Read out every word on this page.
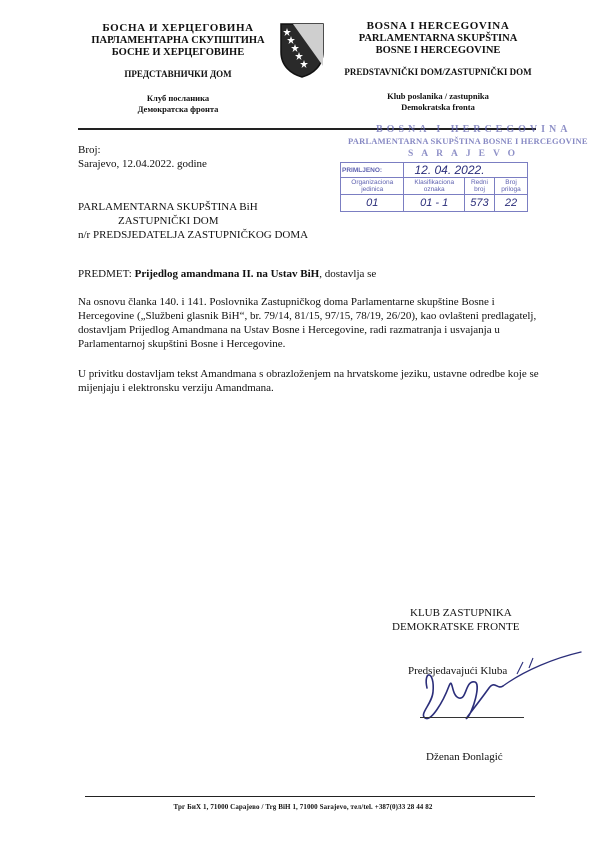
БОСНА И ХЕРЦЕГОВИНА
ПАРЛАМЕНТАРНА СКУПШТИНА
БОСНЕ И ХЕРЦЕГОВИНЕ
ПРЕДСТАВНИЧКИ ДОМ
Клуб посланика
Демократска фронта
BOSNA I HERCEGOVINA
PARLAMENTARNA SKUPŠTINA
BOSNE I HERCEGOVINE
PREDSTAVNIČKI DOM/ZASTUPNIČKI DOM
Klub poslanika / zastupnika
Demokratska fronta
Broj:
Sarajevo, 12.04.2022. godine
BOSNA I HERCEGOVINA
PARLAMENTARNA SKUPŠTINA BOSNE I HERCEGOVINE
SARAJEVO
PRIMLJENO:	12. 04. 2022.		
Organizaciona jedinica	Klasifikaciona oznaka	Redni broj	Broj priloga
01	01 - 1	573	22
PARLAMENTARNA SKUPŠTINA BiH
ZASTUPNIČKI DOM
n/r PREDSJEDATELJA ZASTUPNIČKOG DOMA
PREDMET: Prijedlog amandmana II. na Ustav BiH, dostavlja se
Na osnovu članka 140. i 141. Poslovnika Zastupničkog doma Parlamentarne skupštine Bosne i Hercegovine („Službeni glasnik BiH“, br. 79/14, 81/15, 97/15, 78/19, 26/20), kao ovlašteni predlagatelj, dostavljam Prijedlog Amandmana na Ustav Bosne i Hercegovine, radi razmatranja i usvajanja u Parlamentarnoj skupštini Bosne i Hercegovine.
U privitku dostavljam tekst Amandmana s obrazloženjem na hrvatskome jeziku, ustavne odredbe koje se mijenjaju i elektronsku verziju Amandmana.
KLUB ZASTUPNIKA
DEMOKRATSKE FRONTE
Predsjedavajući Kluba
Dženan Đonlagić
Трг БиХ 1, 71000 Сарајево / Trg BiH 1, 71000 Sarajevo, тел/tel. +387(0)33 28 44 82
